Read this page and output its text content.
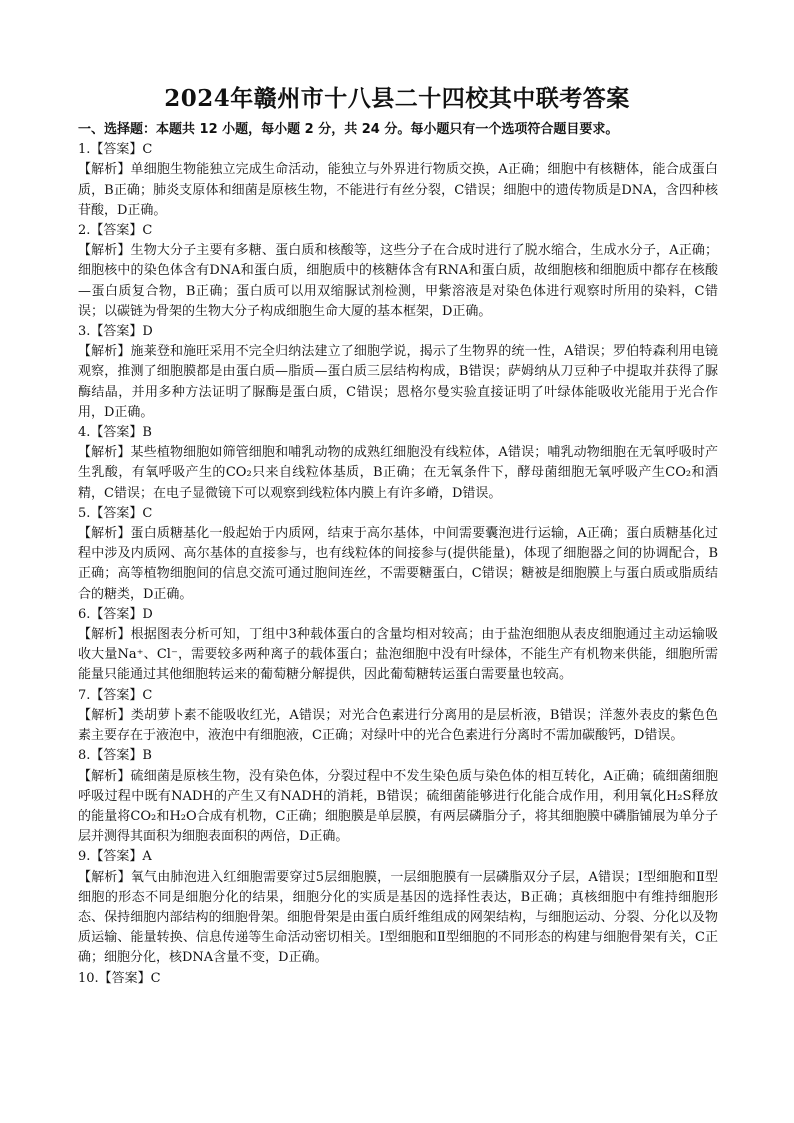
2024年赣州市十八县二十四校其中联考答案

一、选择题：本题共 12 小题，每小题 2 分，共 24 分。每小题只有一个选项符合题目要求。

1.【答案】C

【解析】单细胞生物能独立完成生命活动，能独立与外界进行物质交换，A正确；细胞中有核糖体，能合成蛋白质，B正确；肺炎支原体和细菌是原核生物，不能进行有丝分裂，C错误；细胞中的遗传物质是DNA，含四种核苷酸，D正确。

2.【答案】C

【解析】生物大分子主要有多糖、蛋白质和核酸等，这些分子在合成时进行了脱水缩合，生成水分子，A正确；细胞核中的染色体含有DNA和蛋白质，细胞质中的核糖体含有RNA和蛋白质，故细胞核和细胞质中都存在核酸—蛋白质复合物，B正确；蛋白质可以用双缩脲试剂检测，甲紫溶液是对染色体进行观察时所用的染料，C错误；以碳链为骨架的生物大分子构成细胞生命大厦的基本框架，D正确。

3.【答案】D

【解析】施莱登和施旺采用不完全归纳法建立了细胞学说，揭示了生物界的统一性，A错误；罗伯特森利用电镜观察，推测了细胞膜都是由蛋白质—脂质—蛋白质三层结构构成，B错误；萨姆纳从刀豆种子中提取并获得了脲酶结晶，并用多种方法证明了脲酶是蛋白质，C错误；恩格尔曼实验直接证明了叶绿体能吸收光能用于光合作用，D正确。

4.【答案】B

【解析】某些植物细胞如筛管细胞和哺乳动物的成熟红细胞没有线粒体，A错误；哺乳动物细胞在无氧呼吸时产生乳酸，有氧呼吸产生的CO₂只来自线粒体基质，B正确；在无氧条件下，酵母菌细胞无氧呼吸产生CO₂和酒精，C错误；在电子显微镜下可以观察到线粒体内膜上有许多嵴，D错误。

5.【答案】C

【解析】蛋白质糖基化一般起始于内质网，结束于高尔基体，中间需要囊泡进行运输，A正确；蛋白质糖基化过程中涉及内质网、高尔基体的直接参与，也有线粒体的间接参与(提供能量)，体现了细胞器之间的协调配合，B正确；高等植物细胞间的信息交流可通过胞间连丝，不需要糖蛋白，C错误；糖被是细胞膜上与蛋白质或脂质结合的糖类，D正确。

6.【答案】D

【解析】根据图表分析可知，丁组中3种载体蛋白的含量均相对较高；由于盐泡细胞从表皮细胞通过主动运输吸收大量Na⁺、Cl⁻，需要较多两种离子的载体蛋白；盐泡细胞中没有叶绿体，不能生产有机物来供能，细胞所需能量只能通过其他细胞转运来的葡萄糖分解提供，因此葡萄糖转运蛋白需要量也较高。

7.【答案】C

【解析】类胡萝卜素不能吸收红光，A错误；对光合色素进行分离用的是层析液，B错误；洋葱外表皮的紫色色素主要存在于液泡中，液泡中有细胞液，C正确；对绿叶中的光合色素进行分离时不需加碳酸钙，D错误。

8.【答案】B

【解析】硫细菌是原核生物，没有染色体，分裂过程中不发生染色质与染色体的相互转化，A正确；硫细菌细胞呼吸过程中既有NADH的产生又有NADH的消耗，B错误；硫细菌能够进行化能合成作用，利用氧化H₂S释放的能量将CO₂和H₂O合成有机物，C正确；细胞膜是单层膜，有两层磷脂分子，将其细胞膜中磷脂铺展为单分子层并测得其面积为细胞表面积的两倍，D正确。

9.【答案】A

【解析】氧气由肺泡进入红细胞需要穿过5层细胞膜，一层细胞膜有一层磷脂双分子层，A错误；Ⅰ型细胞和Ⅱ型细胞的形态不同是细胞分化的结果，细胞分化的实质是基因的选择性表达，B正确；真核细胞中有维持细胞形态、保持细胞内部结构的细胞骨架。细胞骨架是由蛋白质纤维组成的网架结构，与细胞运动、分裂、分化以及物质运输、能量转换、信息传递等生命活动密切相关。Ⅰ型细胞和Ⅱ型细胞的不同形态的构建与细胞骨架有关，C正确；细胞分化，核DNA含量不变，D正确。

10.【答案】C
